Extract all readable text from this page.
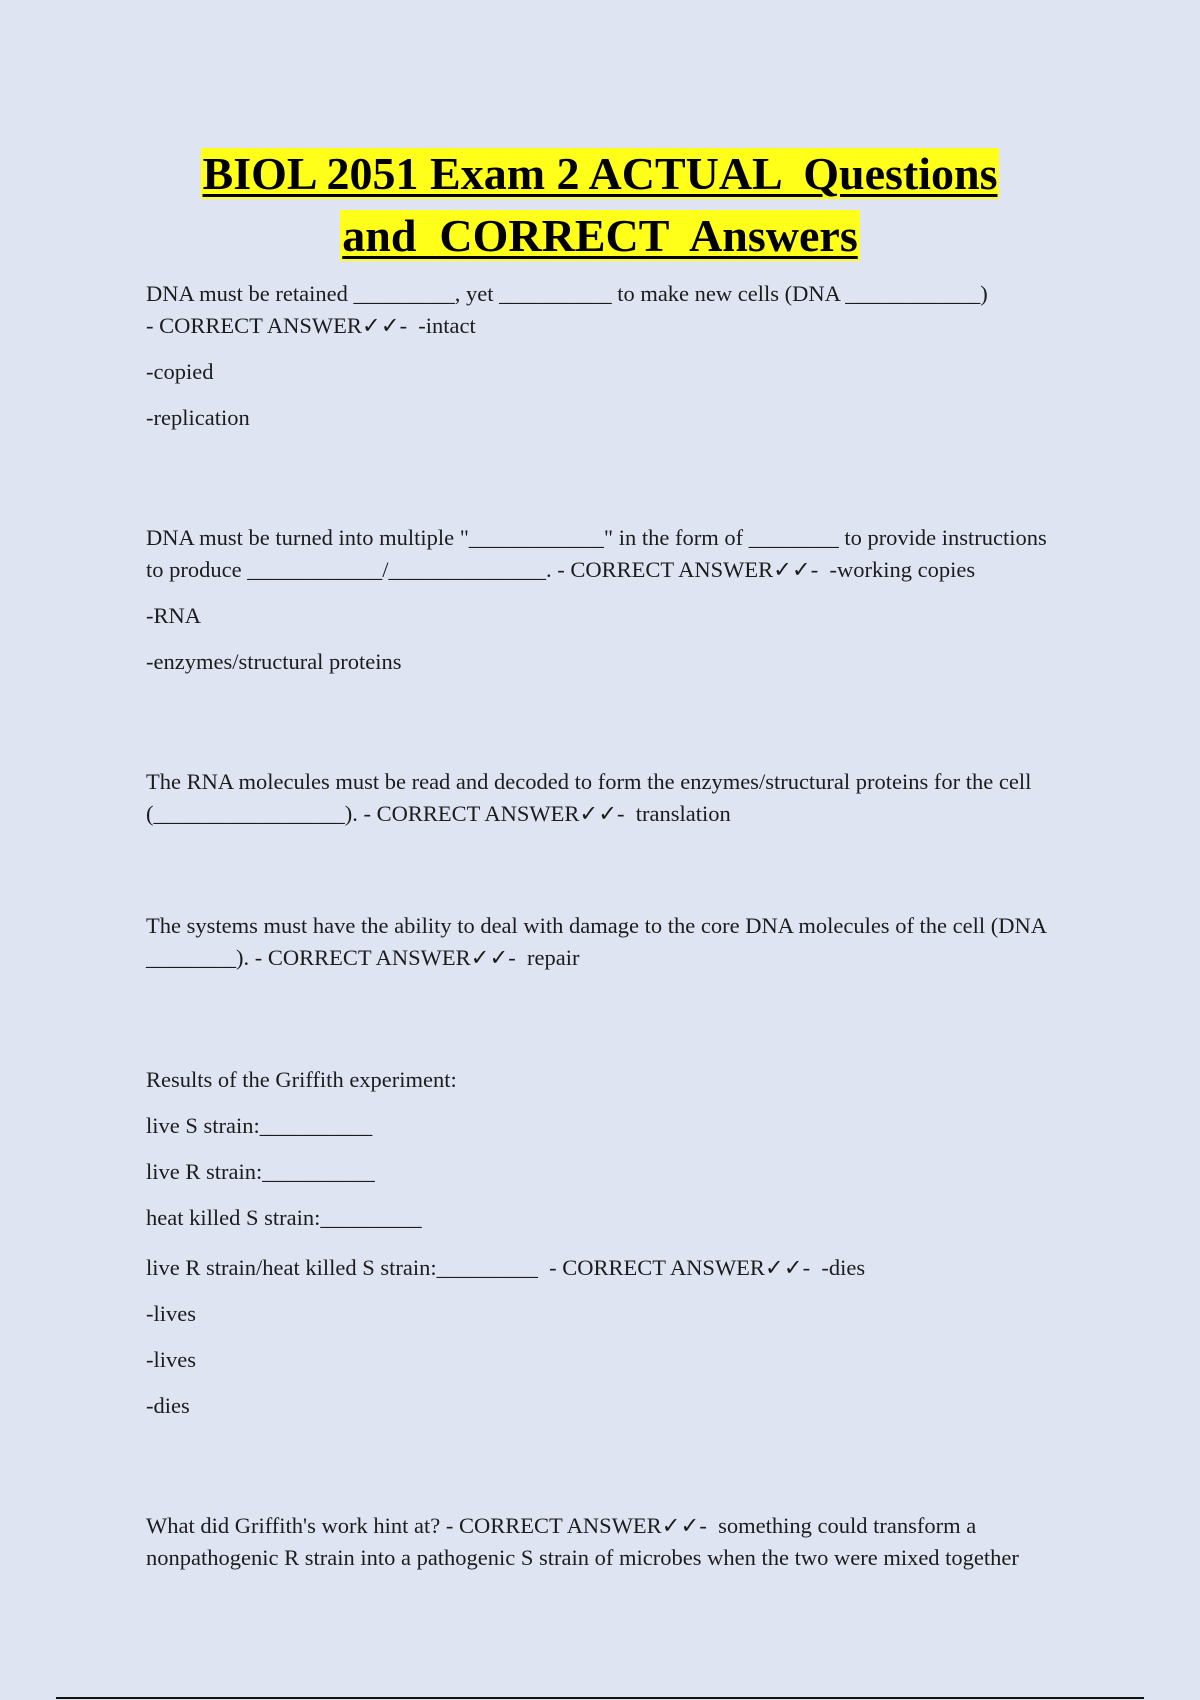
BIOL 2051 Exam 2 ACTUAL  Questions
and  CORRECT  Answers

DNA must be retained _________, yet __________ to make new cells (DNA ____________)

- CORRECT ANSWER✓✓-  -intact

-copied

-replication

DNA must be turned into multiple "____________" in the form of ________ to provide instructions to produce ____________/______________. - CORRECT ANSWER✓✓-  -working copies

-RNA

-enzymes/structural proteins

The RNA molecules must be read and decoded to form the enzymes/structural proteins for the cell (_________________). - CORRECT ANSWER✓✓-  translation

The systems must have the ability to deal with damage to the core DNA molecules of the cell (DNA ________). - CORRECT ANSWER✓✓-  repair

Results of the Griffith experiment:

live S strain:__________

live R strain:__________

heat killed S strain:_________

live R strain/heat killed S strain:_________  - CORRECT ANSWER✓✓-  -dies

-lives

-lives

-dies

What did Griffith's work hint at? - CORRECT ANSWER✓✓-  something could transform a nonpathogenic R strain into a pathogenic S strain of microbes when the two were mixed together
